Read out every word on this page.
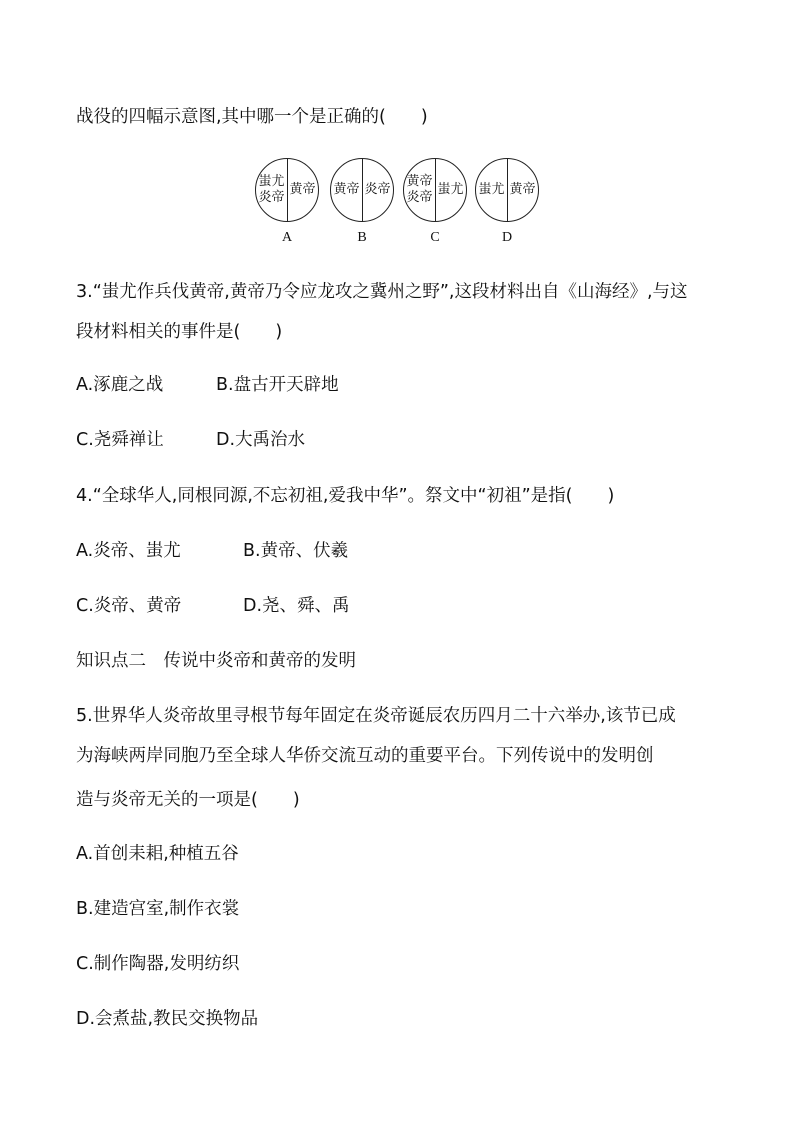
战役的四幅示意图,其中哪一个是正确的(　　)
蚩尤
炎帝
黄帝
A
黄帝 炎帝
B
黄帝
炎帝
蚩尤
C
蚩尤 黄帝
D
3.“蚩尤作兵伐黄帝,黄帝乃令应龙攻之冀州之野”,这段材料出自《山海经》,与这
段材料相关的事件是(　　)
A.涿鹿之战	B.盘古开天辟地
C.尧舜禅让	D.大禹治水
4.“全球华人,同根同源,不忘初祖,爱我中华”。祭文中“初祖”是指(　　)
A.炎帝、蚩尤	B.黄帝、伏羲
C.炎帝、黄帝	D.尧、舜、禹
知识点二　传说中炎帝和黄帝的发明
5.世界华人炎帝故里寻根节每年固定在炎帝诞辰农历四月二十六举办,该节已成
为海峡两岸同胞乃至全球人华侨交流互动的重要平台。下列传说中的发明创
造与炎帝无关的一项是(　　)
A.首创耒耜,种植五谷
B.建造宫室,制作衣裳
C.制作陶器,发明纺织
D.会煮盐,教民交换物品
